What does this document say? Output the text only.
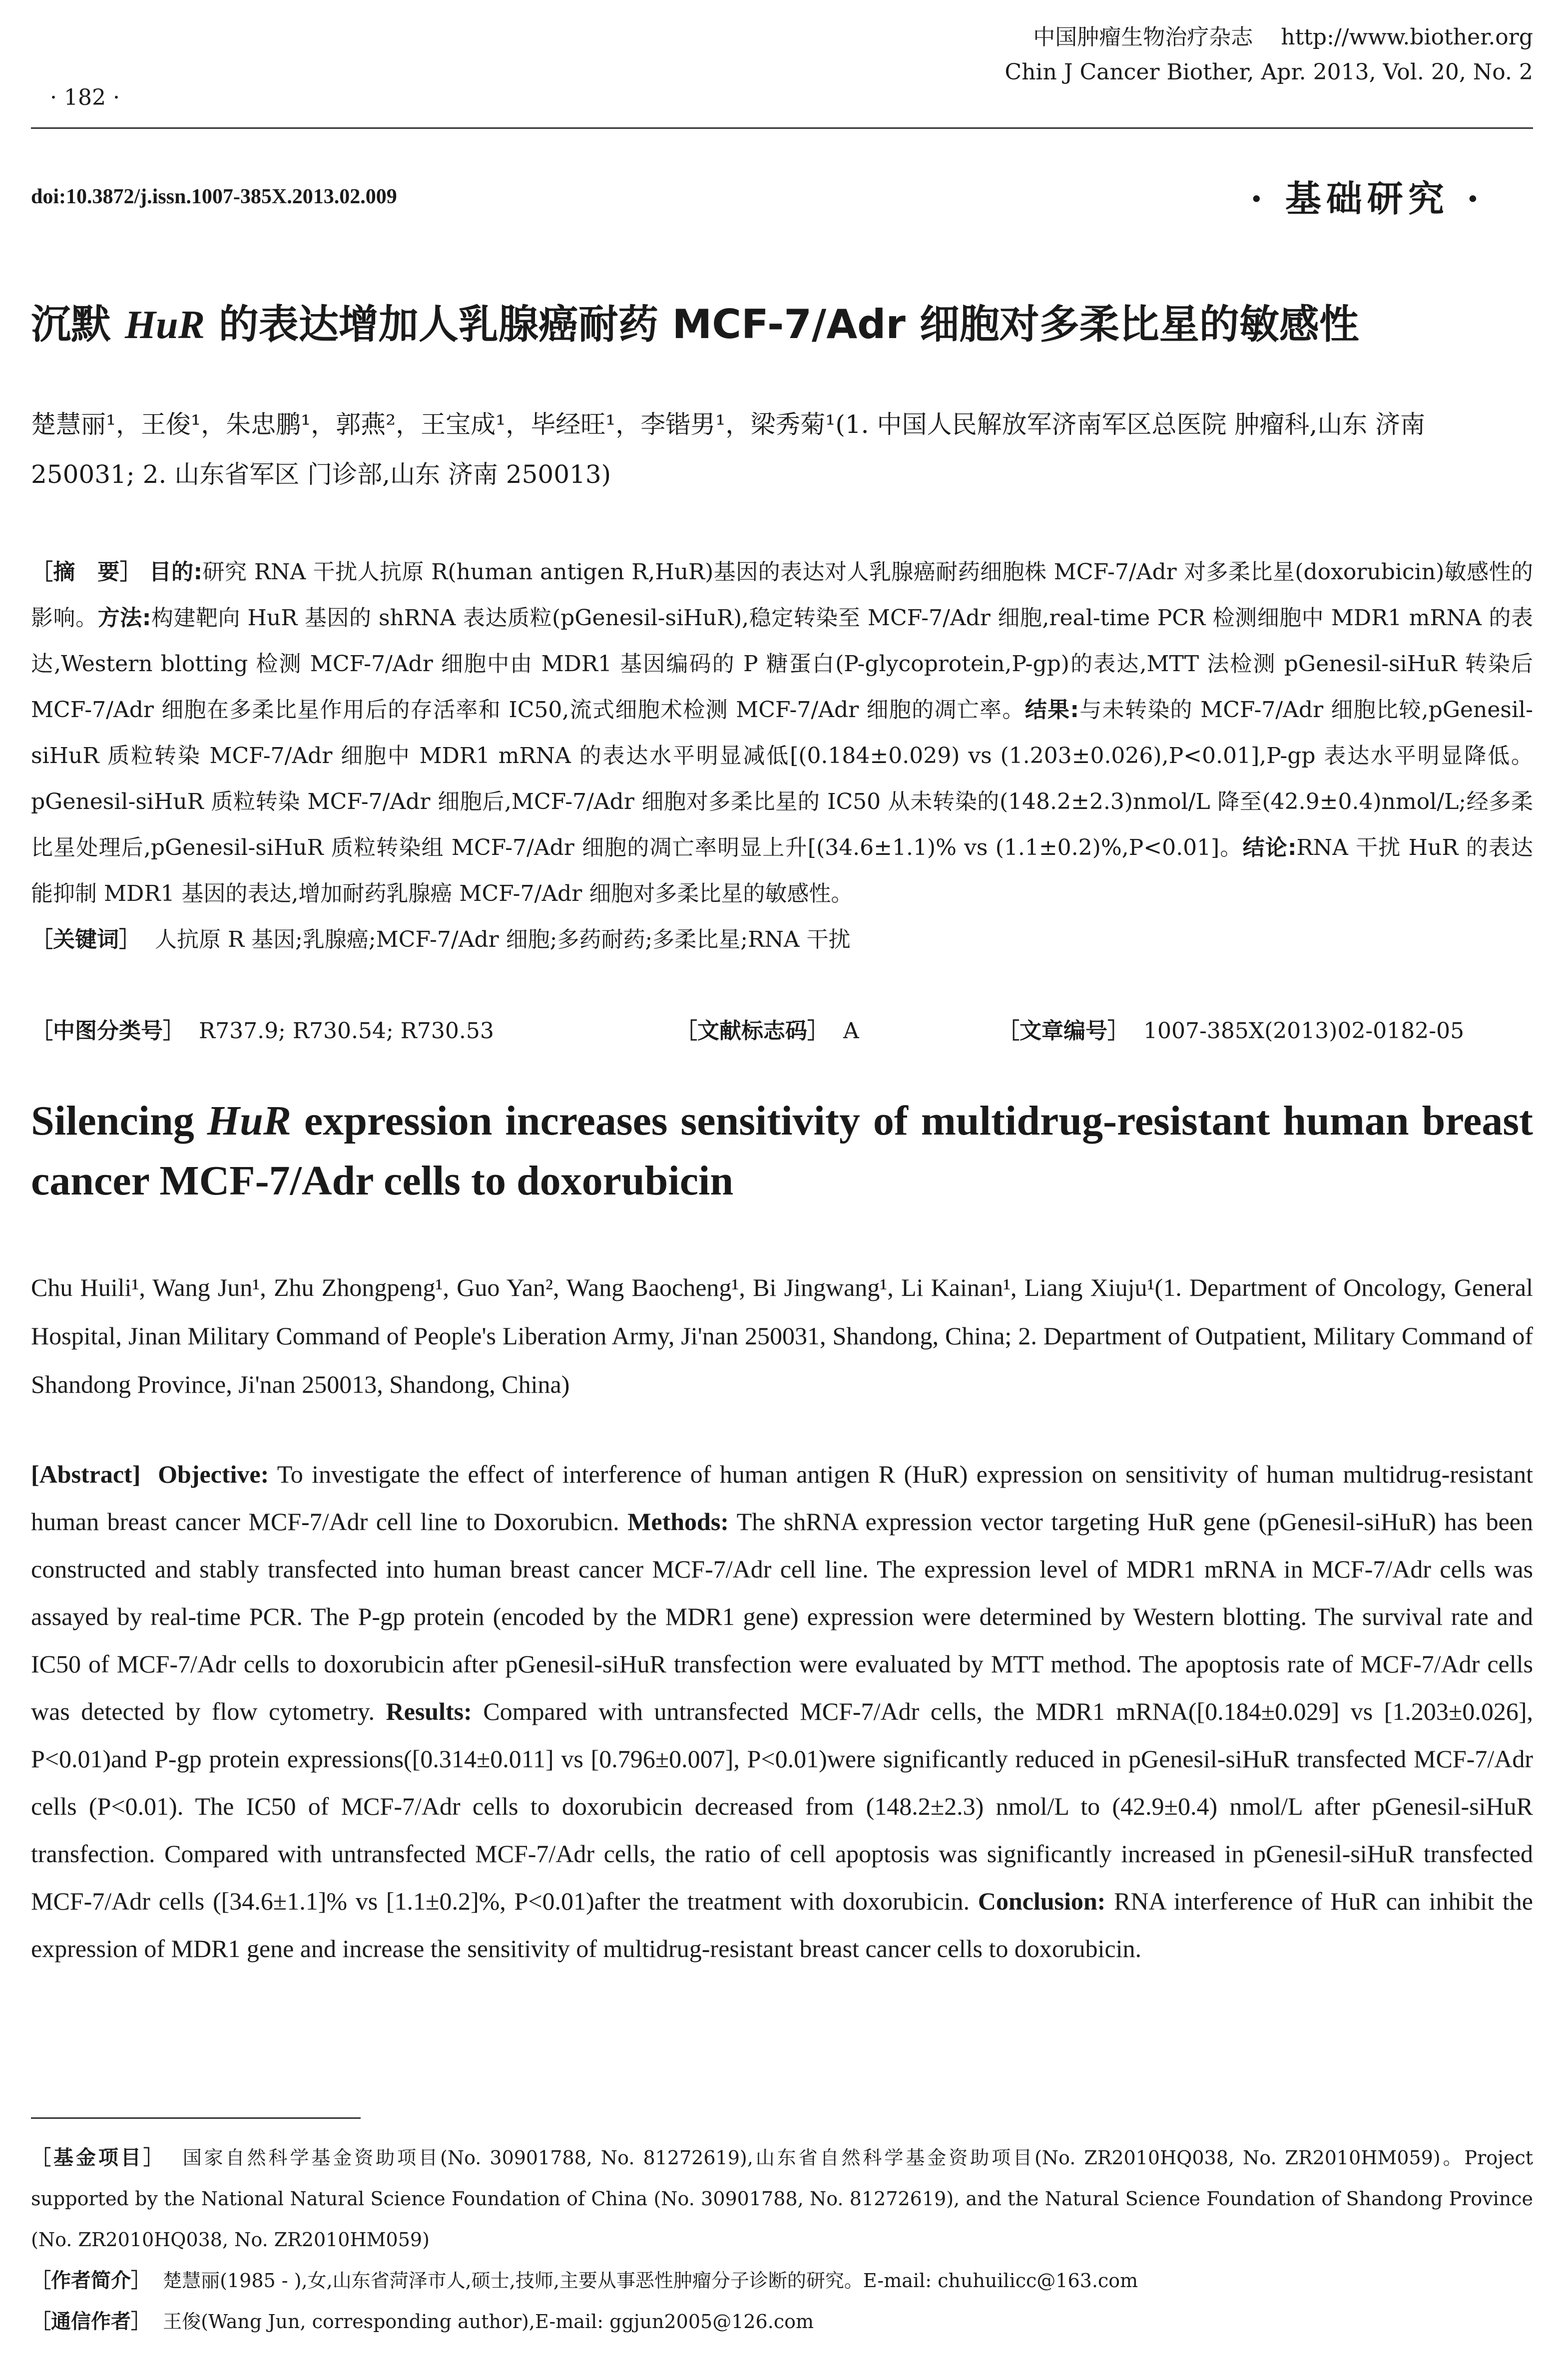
中国肿瘤生物治疗杂志 http://www.biother.org
Chin J Cancer Biother, Apr. 2013, Vol. 20, No. 2
· 182 ·
doi:10.3872/j.issn.1007-385X.2013.02.009	· 基础研究 ·
沉默 HuR 的表达增加人乳腺癌耐药 MCF-7/Adr 细胞对多柔比星的敏感性
楚慧丽¹，王俊¹，朱忠鹏¹，郭燕²，王宝成¹，毕经旺¹，李锴男¹，梁秀菊¹(1. 中国人民解放军济南军区总医院 肿瘤科,山东 济南 250031; 2. 山东省军区 门诊部,山东 济南 250013)
［摘　要］ 目的:研究 RNA 干扰人抗原 R(human antigen R,HuR)基因的表达对人乳腺癌耐药细胞株 MCF-7/Adr 对多柔比星(doxorubicin)敏感性的影响。方法:构建靶向 HuR 基因的 shRNA 表达质粒(pGenesil-siHuR),稳定转染至 MCF-7/Adr 细胞,real-time PCR 检测细胞中 MDR1 mRNA 的表达,Western blotting 检测 MCF-7/Adr 细胞中由 MDR1 基因编码的 P 糖蛋白(P-glycoprotein,P-gp)的表达,MTT 法检测 pGenesil-siHuR 转染后 MCF-7/Adr 细胞在多柔比星作用后的存活率和 IC50,流式细胞术检测 MCF-7/Adr 细胞的凋亡率。结果:与未转染的 MCF-7/Adr 细胞比较,pGenesil-siHuR 质粒转染 MCF-7/Adr 细胞中 MDR1 mRNA 的表达水平明显减低[(0.184±0.029) vs (1.203±0.026),P<0.01],P-gp 表达水平明显降低。pGenesil-siHuR 质粒转染 MCF-7/Adr 细胞后,MCF-7/Adr 细胞对多柔比星的 IC50 从未转染的(148.2±2.3)nmol/L 降至(42.9±0.4)nmol/L;经多柔比星处理后,pGenesil-siHuR 质粒转染组 MCF-7/Adr 细胞的凋亡率明显上升[(34.6±1.1)% vs (1.1±0.2)%,P<0.01]。结论:RNA 干扰 HuR 的表达能抑制 MDR1 基因的表达,增加耐药乳腺癌 MCF-7/Adr 细胞对多柔比星的敏感性。
［关键词］ 人抗原 R 基因;乳腺癌;MCF-7/Adr 细胞;多药耐药;多柔比星;RNA 干扰
［中图分类号］ R737.9; R730.54; R730.53	［文献标志码］ A	［文章编号］ 1007-385X(2013)02-0182-05
Silencing HuR expression increases sensitivity of multidrug-resistant human breast cancer MCF-7/Adr cells to doxorubicin
Chu Huili¹, Wang Jun¹, Zhu Zhongpeng¹, Guo Yan², Wang Baocheng¹, Bi Jingwang¹, Li Kainan¹, Liang Xiuju¹(1. Department of Oncology, General Hospital, Jinan Military Command of People's Liberation Army, Ji'nan 250031, Shandong, China; 2. Department of Outpatient, Military Command of Shandong Province, Ji'nan 250013, Shandong, China)
[Abstract] Objective: To investigate the effect of interference of human antigen R (HuR) expression on sensitivity of human multidrug-resistant human breast cancer MCF-7/Adr cell line to Doxorubicn. Methods: The shRNA expression vector targeting HuR gene (pGenesil-siHuR) has been constructed and stably transfected into human breast cancer MCF-7/Adr cell line. The expression level of MDR1 mRNA in MCF-7/Adr cells was assayed by real-time PCR. The P-gp protein (encoded by the MDR1 gene) expression were determined by Western blotting. The survival rate and IC50 of MCF-7/Adr cells to doxorubicin after pGenesil-siHuR transfection were evaluated by MTT method. The apoptosis rate of MCF-7/Adr cells was detected by flow cytometry. Results: Compared with untransfected MCF-7/Adr cells, the MDR1 mRNA([0.184±0.029] vs [1.203±0.026], P<0.01)and P-gp protein expressions([0.314±0.011] vs [0.796±0.007], P<0.01)were significantly reduced in pGenesil-siHuR transfected MCF-7/Adr cells (P<0.01). The IC50 of MCF-7/Adr cells to doxorubicin decreased from (148.2±2.3) nmol/L to (42.9±0.4) nmol/L after pGenesil-siHuR transfection. Compared with untransfected MCF-7/Adr cells, the ratio of cell apoptosis was significantly increased in pGenesil-siHuR transfected MCF-7/Adr cells ([34.6±1.1]% vs [1.1±0.2]%, P<0.01)after the treatment with doxorubicin. Conclusion: RNA interference of HuR can inhibit the expression of MDR1 gene and increase the sensitivity of multidrug-resistant breast cancer cells to doxorubicin.
［基金项目］ 国家自然科学基金资助项目(No. 30901788, No. 81272619),山东省自然科学基金资助项目(No. ZR2010HQ038, No. ZR2010HM059)。Project supported by the National Natural Science Foundation of China (No. 30901788, No. 81272619), and the Natural Science Foundation of Shandong Province (No. ZR2010HQ038, No. ZR2010HM059)
［作者简介］ 楚慧丽(1985 - ),女,山东省菏泽市人,硕士,技师,主要从事恶性肿瘤分子诊断的研究。E-mail: chuhuilicc@163.com
［通信作者］ 王俊(Wang Jun, corresponding author),E-mail: ggjun2005@126.com
